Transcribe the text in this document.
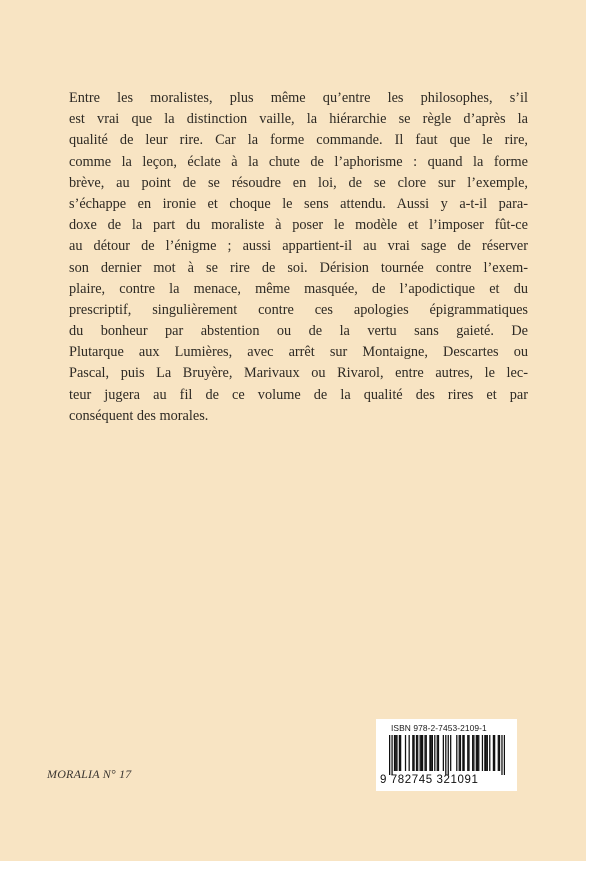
Entre les moralistes, plus même qu’entre les philosophes, s’il
est vrai que la distinction vaille, la hiérarchie se règle d’après la
qualité de leur rire. Car la forme commande. Il faut que le rire,
comme la leçon, éclate à la chute de l’aphorisme : quand la forme
brève, au point de se résoudre en loi, de se clore sur l’exemple,
s’échappe en ironie et choque le sens attendu. Aussi y a-t-il para-
doxe de la part du moraliste à poser le modèle et l’imposer fût-ce
au détour de l’énigme ; aussi appartient-il au vrai sage de réserver
son dernier mot à se rire de soi. Dérision tournée contre l’exem-
plaire, contre la menace, même masquée, de l’apodictique et du
prescriptif, singulièrement contre ces apologies épigrammatiques
du bonheur par abstention ou de la vertu sans gaieté. De
Plutarque aux Lumières, avec arrêt sur Montaigne, Descartes ou
Pascal, puis La Bruyère, Marivaux ou Rivarol, entre autres, le lec-
teur jugera au fil de ce volume de la qualité des rires et par
conséquent des morales.
MORALIA N° 17
ISBN 978-2-7453-2109-1
9 782745 321091
